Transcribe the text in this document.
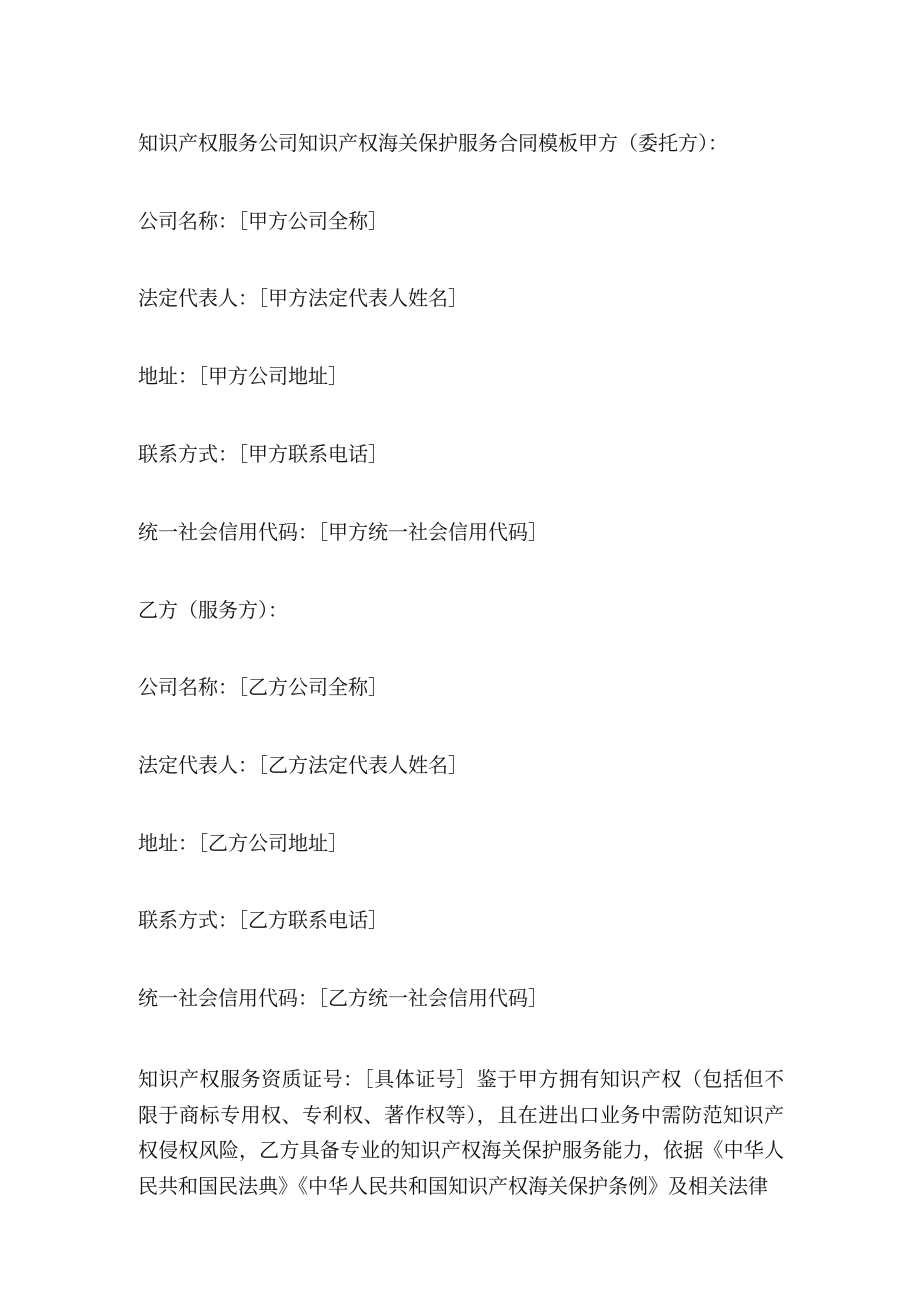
知识产权服务公司知识产权海关保护服务合同模板甲方（委托方）：

公司名称：［甲方公司全称］

法定代表人：［甲方法定代表人姓名］

地址：［甲方公司地址］

联系方式：［甲方联系电话］

统一社会信用代码：［甲方统一社会信用代码］

乙方（服务方）：

公司名称：［乙方公司全称］

法定代表人：［乙方法定代表人姓名］

地址：［乙方公司地址］

联系方式：［乙方联系电话］

统一社会信用代码：［乙方统一社会信用代码］

知识产权服务资质证号：［具体证号］鉴于甲方拥有知识产权（包括但不限于商标专用权、专利权、著作权等），且在进出口业务中需防范知识产权侵权风险，乙方具备专业的知识产权海关保护服务能力，依据《中华人民共和国民法典》《中华人民共和国知识产权海关保护条例》及相关法律
